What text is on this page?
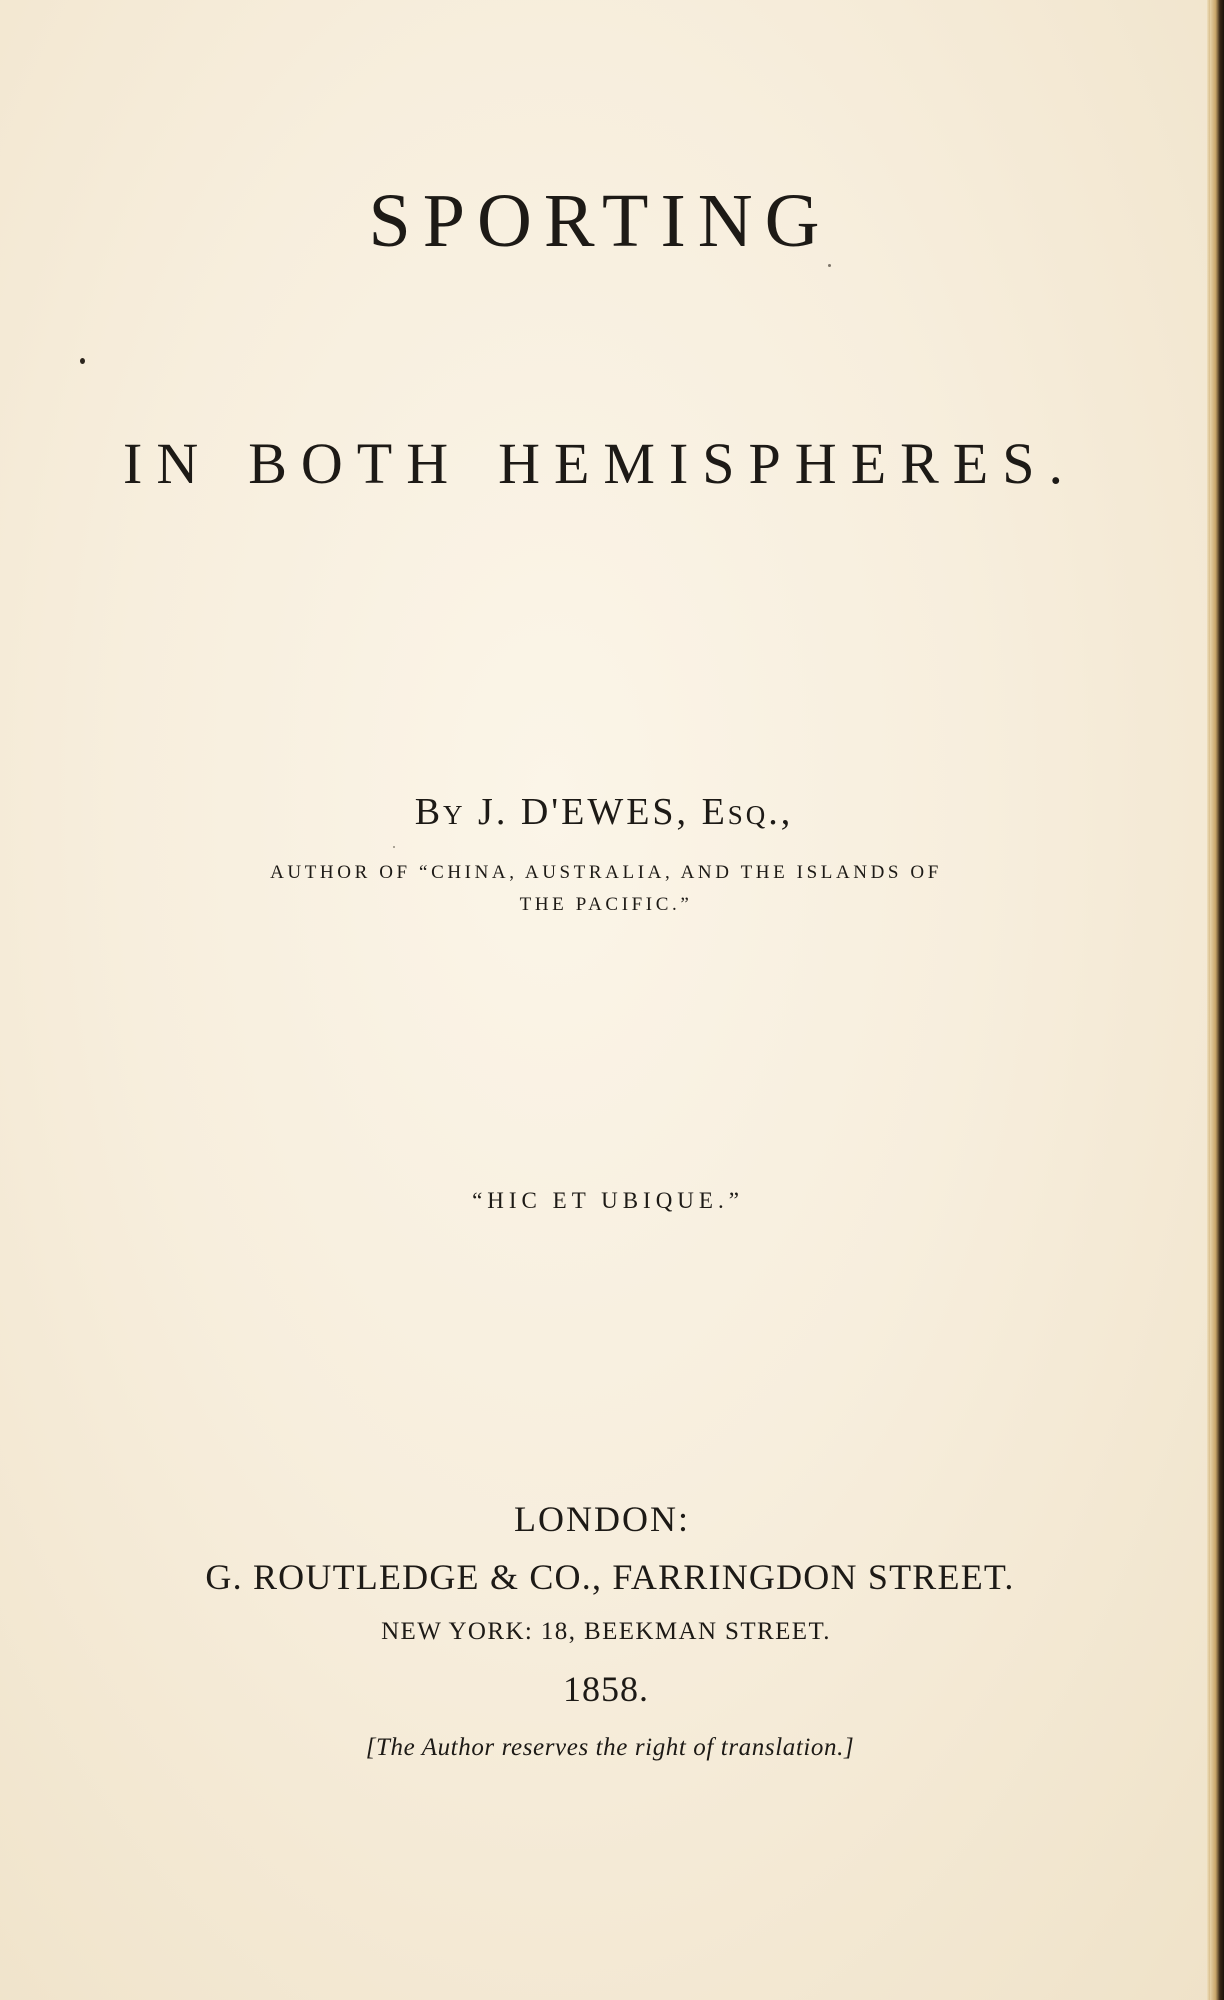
SPORTING
IN BOTH HEMISPHERES.
By J. D'EWES, Esq.,
AUTHOR OF “CHINA, AUSTRALIA, AND THE ISLANDS OF
THE PACIFIC.”
“HIC ET UBIQUE.”
LONDON:
G. ROUTLEDGE & CO., FARRINGDON STREET.
NEW YORK: 18, BEEKMAN STREET.
1858.
[The Author reserves the right of translation.]
